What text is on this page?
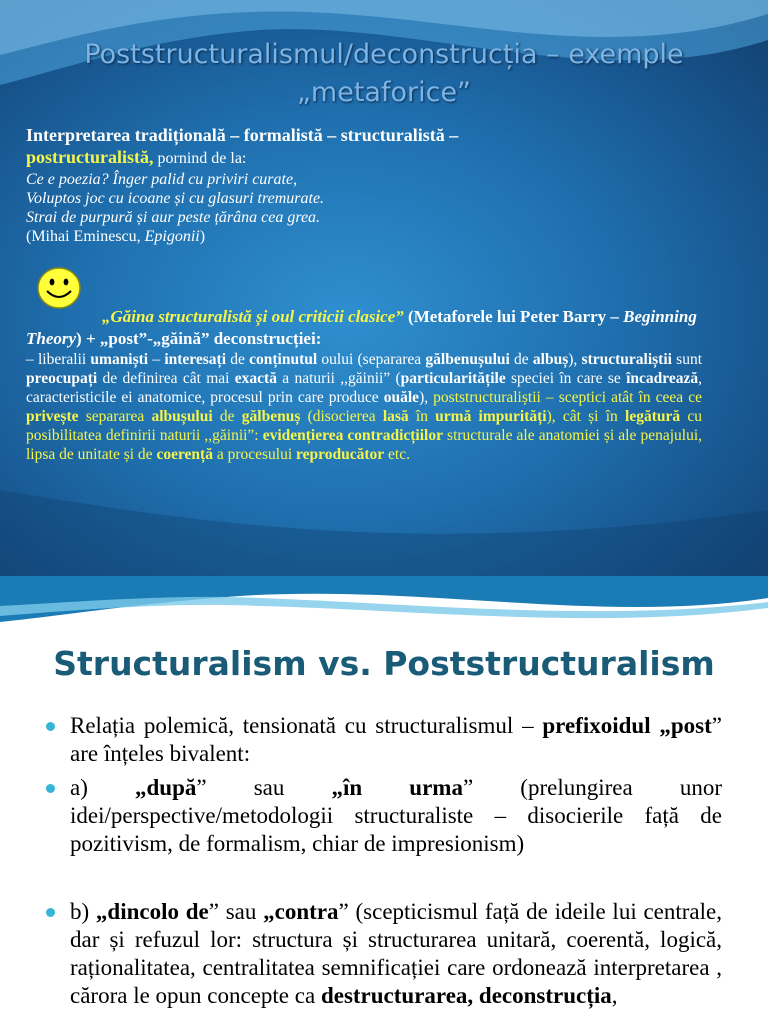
Poststructuralismul/deconstrucția – exemple „metaforice”
Interpretarea tradițională – formalistă – structuralistă –
postructuralistă, pornind de la:
Ce e poezia? Înger palid cu priviri curate,
Voluptos joc cu icoane și cu glasuri tremurate.
Strai de purpură și aur peste țărâna cea grea.
(Mihai Eminescu, Epigonii)
„Găina structuralistă și oul criticii clasice” (Metaforele lui Peter Barry – Beginning Theory) + „post”-„găină” deconstrucției:
– liberalii umaniști – interesați de conținutul oului (separarea gălbenușului de albuș), structuraliștii sunt preocupați de definirea cât mai exactă a naturii ,,găinii” (particularitățile speciei în care se încadrează, caracteristicile ei anatomice, procesul prin care produce ouăle), poststructuraliștii – sceptici atât în ceea ce privește separarea albușului de gălbenuș (disocierea lasă în urmă impurități), cât și în legătură cu posibilitatea definirii naturii ,,găinii”: evidențierea contradicțiilor structurale ale anatomiei și ale penajului, lipsa de unitate și de coerență a procesului reproducător etc.
Structuralism vs. Poststructuralism
Relația polemică, tensionată cu structuralismul – prefixoidul „post” are înțeles bivalent:
a) „după” sau „în urma” (prelungirea unor idei/perspective/metodologii structuraliste – disocierile față de pozitivism, de formalism, chiar de impresionism)
b) „dincolo de” sau „contra” (scepticismul față de ideile lui centrale, dar și refuzul lor: structura și structurarea unitară, coerentă, logică, raționalitatea, centralitatea semnificației care ordonează interpretarea , cărora le opun concepte ca destructurarea, deconstrucția,
